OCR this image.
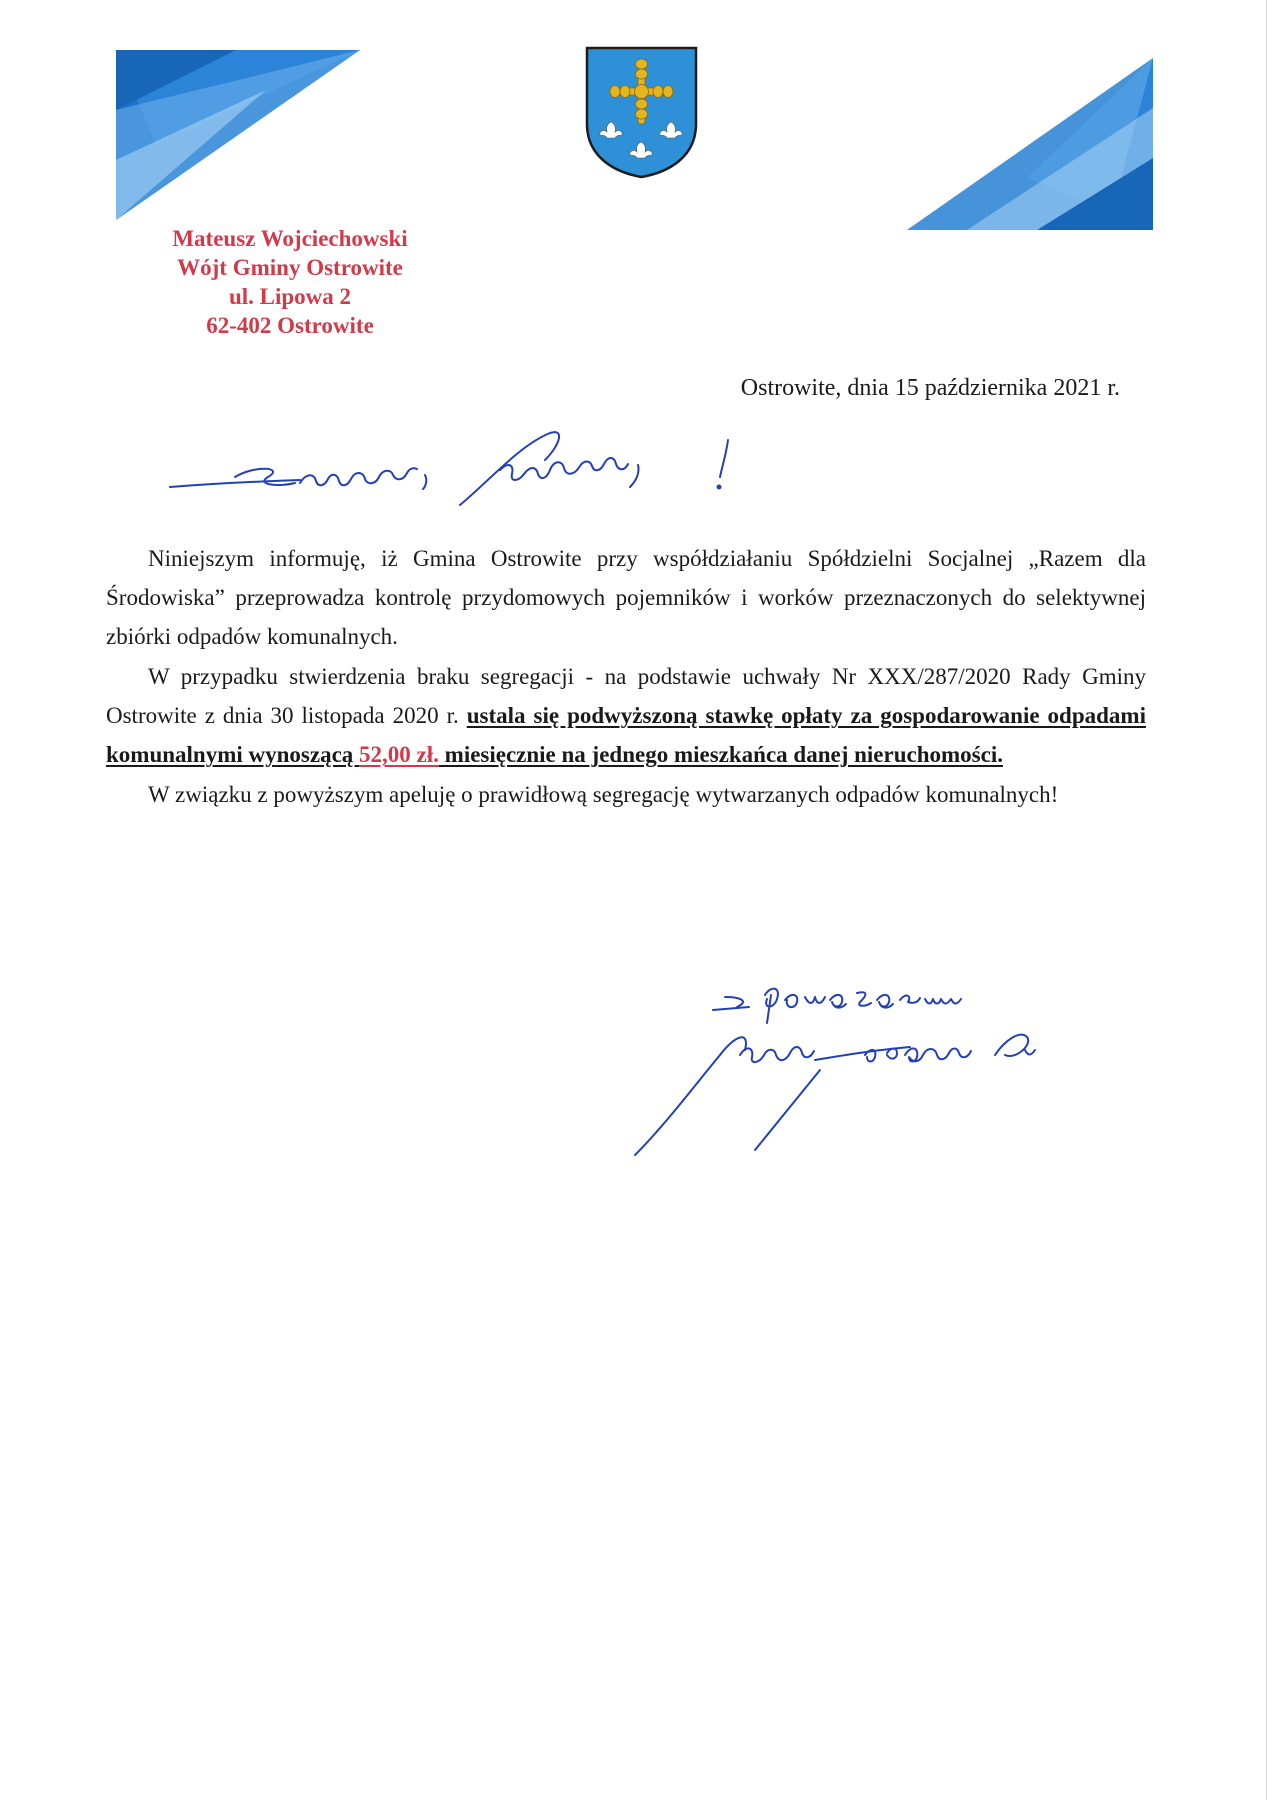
Mateusz Wojciechowski
Wójt Gminy Ostrowite
ul. Lipowa 2
62-402 Ostrowite
Ostrowite, dnia 15 października 2021 r.

Niniejszym informuję, iż Gmina Ostrowite przy współdziałaniu Spółdzielni Socjalnej „Razem dla Środowiska” przeprowadza kontrolę przydomowych pojemników i worków przeznaczonych do selektywnej zbiórki odpadów komunalnych.

W przypadku stwierdzenia braku segregacji - na podstawie uchwały Nr XXX/287/2020 Rady Gminy Ostrowite z dnia 30 listopada 2020 r. ustala się podwyższoną stawkę opłaty za gospodarowanie odpadami komunalnymi wynoszącą 52,00 zł. miesięcznie na jednego mieszkańca danej nieruchomości.

W związku z powyższym apeluję o prawidłową segregację wytwarzanych odpadów komunalnych!
